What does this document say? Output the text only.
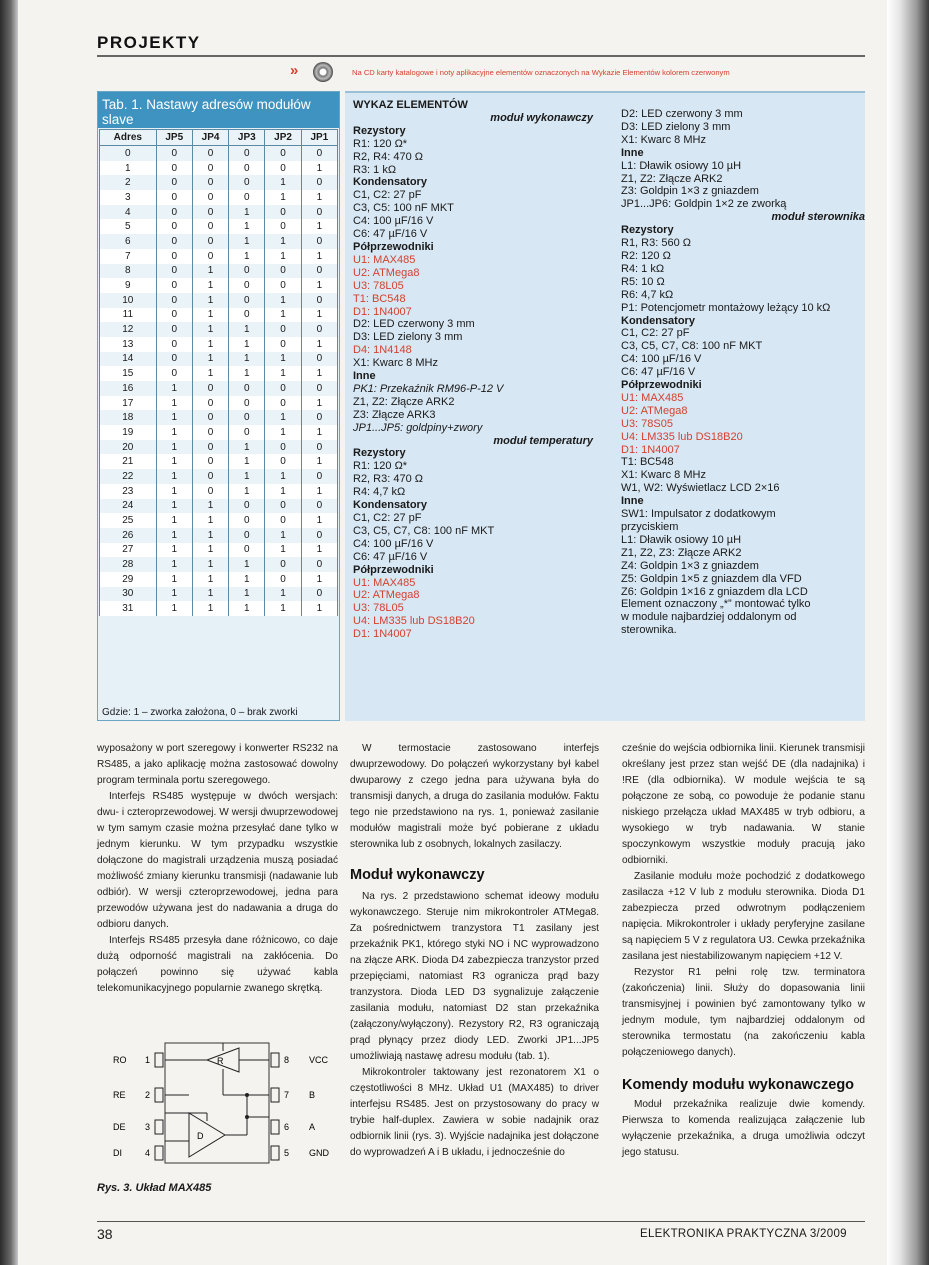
PROJEKTY
»	Na CD karty katalogowe i noty aplikacyjne elementów oznaczonych na Wykazie Elementów kolorem czerwonym
Tab. 1. Nastawy adresów modułów slave
Adres	JP5	JP4	JP3	JP2	JP1
0	0	0	0	0	0
1	0	0	0	0	1
2	0	0	0	1	0
3	0	0	0	1	1
4	0	0	1	0	0
5	0	0	1	0	1
6	0	0	1	1	0
7	0	0	1	1	1
8	0	1	0	0	0
9	0	1	0	0	1
10	0	1	0	1	0
11	0	1	0	1	1
12	0	1	1	0	0
13	0	1	1	0	1
14	0	1	1	1	0
15	0	1	1	1	1
16	1	0	0	0	0
17	1	0	0	0	1
18	1	0	0	1	0
19	1	0	0	1	1
20	1	0	1	0	0
21	1	0	1	0	1
22	1	0	1	1	0
23	1	0	1	1	1
24	1	1	0	0	0
25	1	1	0	0	1
26	1	1	0	1	0
27	1	1	0	1	1
28	1	1	1	0	0
29	1	1	1	0	1
30	1	1	1	1	0
31	1	1	1	1	1
Gdzie: 1 – zworka założona, 0 – brak zworki
WYKAZ ELEMENTÓW
moduł wykonawczy
Rezystory
R1: 120 Ω*
R2, R4: 470 Ω
R3: 1 kΩ
Kondensatory
C1, C2: 27 pF
C3, C5: 100 nF MKT
C4: 100 µF/16 V
C6: 47 µF/16 V
Półprzewodniki
U1: MAX485
U2: ATMega8
U3: 78L05
T1: BC548
D1: 1N4007
D2: LED czerwony 3 mm
D3: LED zielony 3 mm
D4: 1N4148
X1: Kwarc 8 MHz
Inne
PK1: Przekaźnik RM96-P-12 V
Z1, Z2: Złącze ARK2
Z3: Złącze ARK3
JP1...JP5: goldpiny+zwory
moduł temperatury
Rezystory
R1: 120 Ω*
R2, R3: 470 Ω
R4: 4,7 kΩ
Kondensatory
C1, C2: 27 pF
C3, C5, C7, C8: 100 nF MKT
C4: 100 µF/16 V
C6: 47 µF/16 V
Półprzewodniki
U1: MAX485
U2: ATMega8
U3: 78L05
U4: LM335 lub DS18B20
D1: 1N4007
D2: LED czerwony 3 mm
D3: LED zielony 3 mm
X1: Kwarc 8 MHz
Inne
L1: Dławik osiowy 10 µH
Z1, Z2: Złącze ARK2
Z3: Goldpin 1×3 z gniazdem
JP1...JP6: Goldpin 1×2 ze zworką
moduł sterownika
Rezystory
R1, R3: 560 Ω
R2: 120 Ω
R4: 1 kΩ
R5: 10 Ω
R6: 4,7 kΩ
P1: Potencjometr montażowy leżący 10 kΩ
Kondensatory
C1, C2: 27 pF
C3, C5, C7, C8: 100 nF MKT
C4: 100 µF/16 V
C6: 47 µF/16 V
Półprzewodniki
U1: MAX485
U2: ATMega8
U3: 78S05
U4: LM335 lub DS18B20
D1: 1N4007
T1: BC548
X1: Kwarc 8 MHz
W1, W2: Wyświetlacz LCD 2×16
Inne
SW1: Impulsator z dodatkowym
przyciskiem
L1: Dławik osiowy 10 µH
Z1, Z2, Z3: Złącze ARK2
Z4: Goldpin 1×3 z gniazdem
Z5: Goldpin 1×5 z gniazdem dla VFD
Z6: Goldpin 1×16 z gniazdem dla LCD
Element oznaczony „*” montować tylko
w module najbardziej oddalonym od
sterownika.

wyposażony w port szeregowy i konwerter RS232 na RS485, a jako aplikację można zastosować dowolny program terminala portu szeregowego.

Interfejs RS485 występuje w dwóch wersjach: dwu- i czteroprzewodowej. W wersji dwuprzewodowej w tym samym czasie można przesyłać dane tylko w jednym kierunku. W tym przypadku wszystkie dołączone do magistrali urządzenia muszą posiadać możliwość zmiany kierunku transmisji (nadawanie lub odbiór). W wersji czteroprzewodowej, jedna para przewodów używana jest do nadawania a druga do odbioru danych.

Interfejs RS485 przesyła dane różnicowo, co daje dużą odporność magistrali na zakłócenia. Do połączeń powinno się używać kabla telekomunikacyjnego popularnie zwanego skrętką.

RO 1
RE 2
DE 3
DI	4
8 VCC
7 B
6 A
5 GND
R
D
Rys. 3. Układ MAX485

W termostacie zastosowano interfejs dwuprzewodowy. Do połączeń wykorzystany był kabel dwuparowy z czego jedna para używana była do transmisji danych, a druga do zasilania modułów. Faktu tego nie przedstawiono na rys. 1, ponieważ zasilanie modułów magistrali może być pobierane z układu sterownika lub z osobnych, lokalnych zasilaczy.

Moduł wykonawczy

Na rys. 2 przedstawiono schemat ideowy modułu wykonawczego. Steruje nim mikrokontroler ATMega8. Za pośrednictwem tranzystora T1 zasilany jest przekaźnik PK1, którego styki NO i NC wyprowadzono na złącze ARK. Dioda D4 zabezpiecza tranzystor przed przepięciami, natomiast R3 ogranicza prąd bazy tranzystora. Dioda LED D3 sygnalizuje załączenie zasilania modułu, natomiast D2 stan przekaźnika (załączony/wyłączony). Rezystory R2, R3 ograniczają prąd płynący przez diody LED. Zworki JP1...JP5 umożliwiają nastawę adresu modułu (tab. 1).

Mikrokontroler taktowany jest rezonatorem X1 o częstotliwości 8 MHz. Układ U1 (MAX485) to driver interfejsu RS485. Jest on przystosowany do pracy w trybie half-duplex. Zawiera w sobie nadajnik oraz odbiornik linii (rys. 3). Wyjście nadajnika jest dołączone do wyprowadzeń A i B układu, i jednocześnie do

cześnie do wejścia odbiornika linii. Kierunek transmisji określany jest przez stan wejść DE (dla nadajnika) i !RE (dla odbiornika). W module wejścia te są połączone ze sobą, co powoduje że podanie stanu niskiego przełącza układ MAX485 w tryb odbioru, a wysokiego w tryb nadawania. W stanie spoczynkowym wszystkie moduły pracują jako odbiorniki.

Zasilanie modułu może pochodzić z dodatkowego zasilacza +12 V lub z modułu sterownika. Dioda D1 zabezpiecza przed odwrotnym podłączeniem napięcia. Mikrokontroler i układy peryferyjne zasilane są napięciem 5 V z regulatora U3. Cewka przekaźnika zasilana jest niestabilizowanym napięciem +12 V.

Rezystor R1 pełni rolę tzw. terminatora (zakończenia) linii. Służy do dopasowania linii transmisyjnej i powinien być zamontowany tylko w jednym module, tym najbardziej oddalonym od sterownika termostatu (na zakończeniu kabla połączeniowego danych).

Komendy modułu wykonawczego

Moduł przekaźnika realizuje dwie komendy. Pierwsza to komenda realizująca załączenie lub wyłączenie przekaźnika, a druga umożliwia odczyt jego statusu.

38	ELEKTRONIKA PRAKTYCZNA 3/2009
